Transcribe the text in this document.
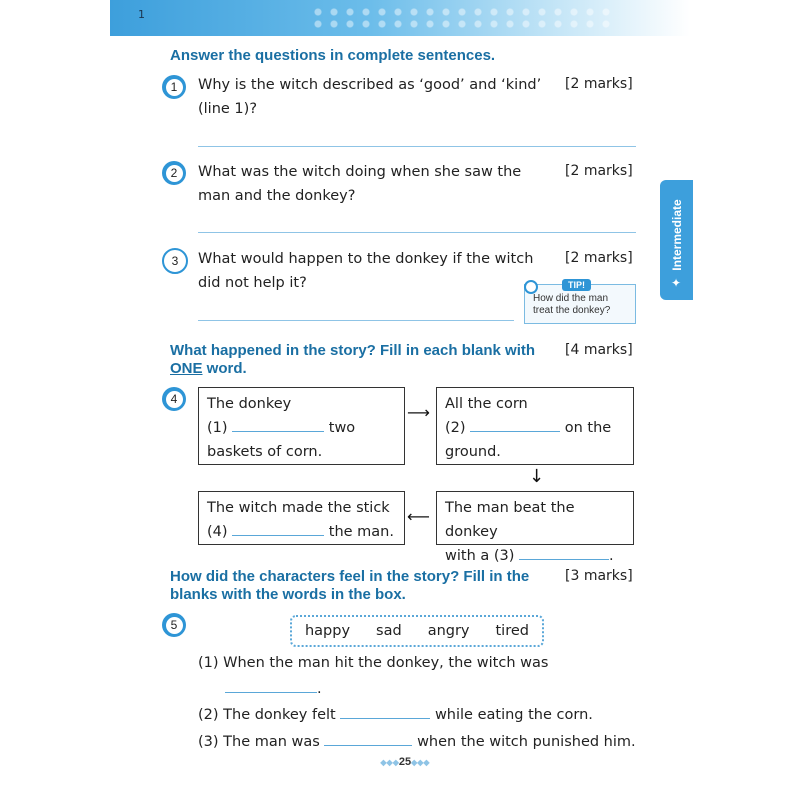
1
Intermediate
✦
Answer the questions in complete sentences.
1	Why is the witch described as ‘good’ and ‘kind’
(line 1)?
[2 marks]
2	What was the witch doing when she saw the
man and the donkey?
[2 marks]
3	What would happen to the donkey if the witch
did not help it?
[2 marks]
How did the man
treat the donkey?
TIP!
What happened in the story? Fill in each blank with
ONE word.
[4 marks]
4	The donkey
(1)	two
baskets of corn.
⟶ All the corn
(2)	on the
ground.
↓
The witch made the stick
(4)	the man.
⟵ The man beat the donkey
with a (3)	.
How did the characters feel in the story? Fill in the
blanks with the words in the box.
[3 marks]
5	happy sad angry tired
(1) When the man hit the donkey, the witch was
.
(2) The donkey felt	while eating the corn.
(3) The man was	when the witch punished him.
◆◆◆25◆◆◆
